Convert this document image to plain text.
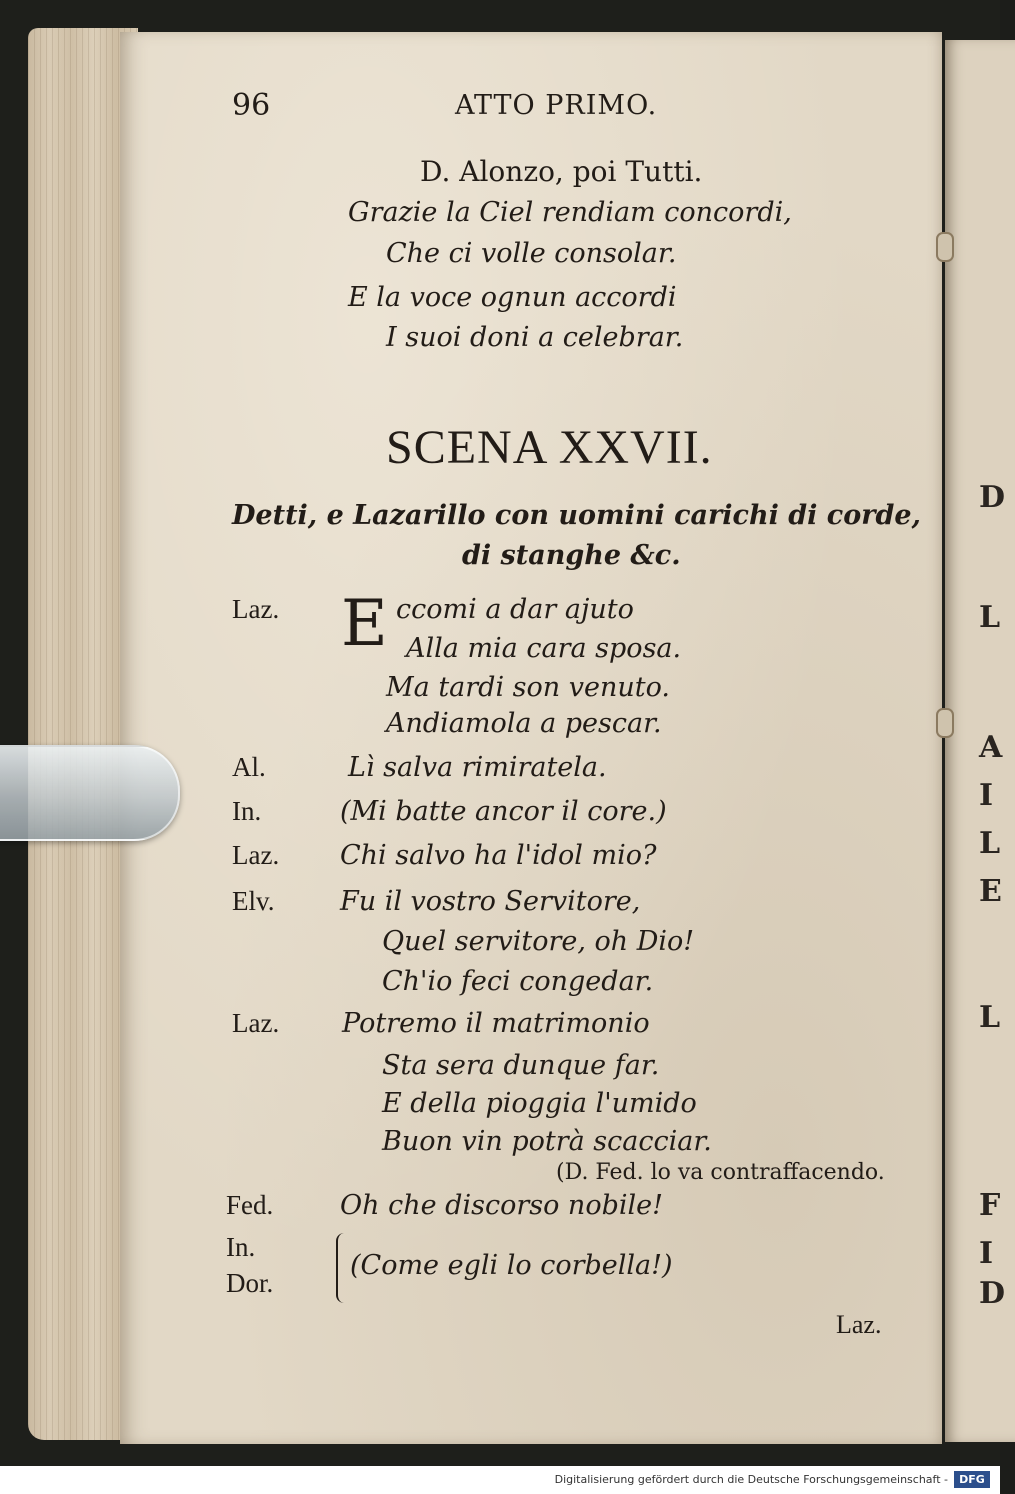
D
L
A
I
L
E
L
F
I
D
96	ATTO PRIMO.
D. Alonzo, poi Tutti.
Grazie la Ciel rendiam concordi,
Che ci volle consolar.
E la voce ognun accordi
I suoi doni a celebrar.
SCENA XXVII.
Detti, e Lazarillo con uomini carichi di corde,
di stanghe &c.
Laz.
Al.
In.
Laz.
Elv.
Laz.
Fed.
In.
Dor.
E ccomi a dar ajuto
Alla mia cara sposa.
Ma tardi son venuto.
Andiamola a pescar.
Lì salva rimiratela.
(Mi batte ancor il core.)
Chi salvo ha l'idol mio?
Fu il vostro Servitore,
Quel servitore, oh Dio!
Ch'io feci congedar.
Potremo il matrimonio
Sta sera dunque far.
E della pioggia l'umido
Buon vin potrà scacciar.
(D. Fed. lo va contraffacendo.
Oh che discorso nobile!
(Come egli lo corbella!)
Laz.
Digitalisierung gefördert durch die Deutsche Forschungsgemeinschaft -	DFG
